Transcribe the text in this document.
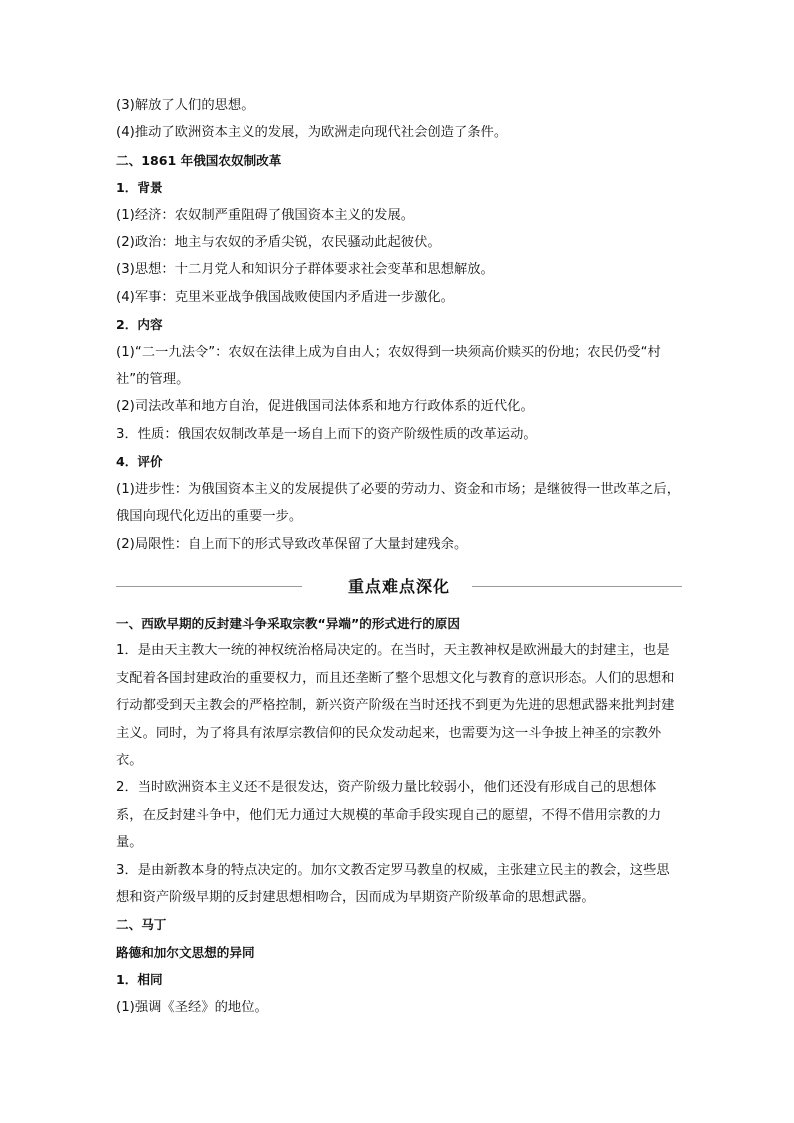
(3)解放了人们的思想。
(4)推动了欧洲资本主义的发展，为欧洲走向现代社会创造了条件。
二、1861 年俄国农奴制改革
1．背景
(1)经济：农奴制严重阻碍了俄国资本主义的发展。
(2)政治：地主与农奴的矛盾尖锐，农民骚动此起彼伏。
(3)思想：十二月党人和知识分子群体要求社会变革和思想解放。
(4)军事：克里米亚战争俄国战败使国内矛盾进一步激化。
2．内容
(1)“二一九法令”：农奴在法律上成为自由人；农奴得到一块须高价赎买的份地；农民仍受“村社”的管理。
(2)司法改革和地方自治，促进俄国司法体系和地方行政体系的近代化。
3．性质：俄国农奴制改革是一场自上而下的资产阶级性质的改革运动。
4．评价
(1)进步性：为俄国资本主义的发展提供了必要的劳动力、资金和市场；是继彼得一世改革之后，俄国向现代化迈出的重要一步。
(2)局限性：自上而下的形式导致改革保留了大量封建残余。
重点难点深化
一、西欧早期的反封建斗争采取宗教“异端”的形式进行的原因
1．是由天主教大一统的神权统治格局决定的。在当时，天主教神权是欧洲最大的封建主，也是支配着各国封建政治的重要权力，而且还垄断了整个思想文化与教育的意识形态。人们的思想和行动都受到天主教会的严格控制，新兴资产阶级在当时还找不到更为先进的思想武器来批判封建主义。同时，为了将具有浓厚宗教信仰的民众发动起来，也需要为这一斗争披上神圣的宗教外衣。
2．当时欧洲资本主义还不是很发达，资产阶级力量比较弱小，他们还没有形成自己的思想体系，在反封建斗争中，他们无力通过大规模的革命手段实现自己的愿望，不得不借用宗教的力量。
3．是由新教本身的特点决定的。加尔文教否定罗马教皇的权威，主张建立民主的教会，这些思想和资产阶级早期的反封建思想相吻合，因而成为早期资产阶级革命的思想武器。
二、马丁
路德和加尔文思想的异同
1．相同
(1)强调《圣经》的地位。
